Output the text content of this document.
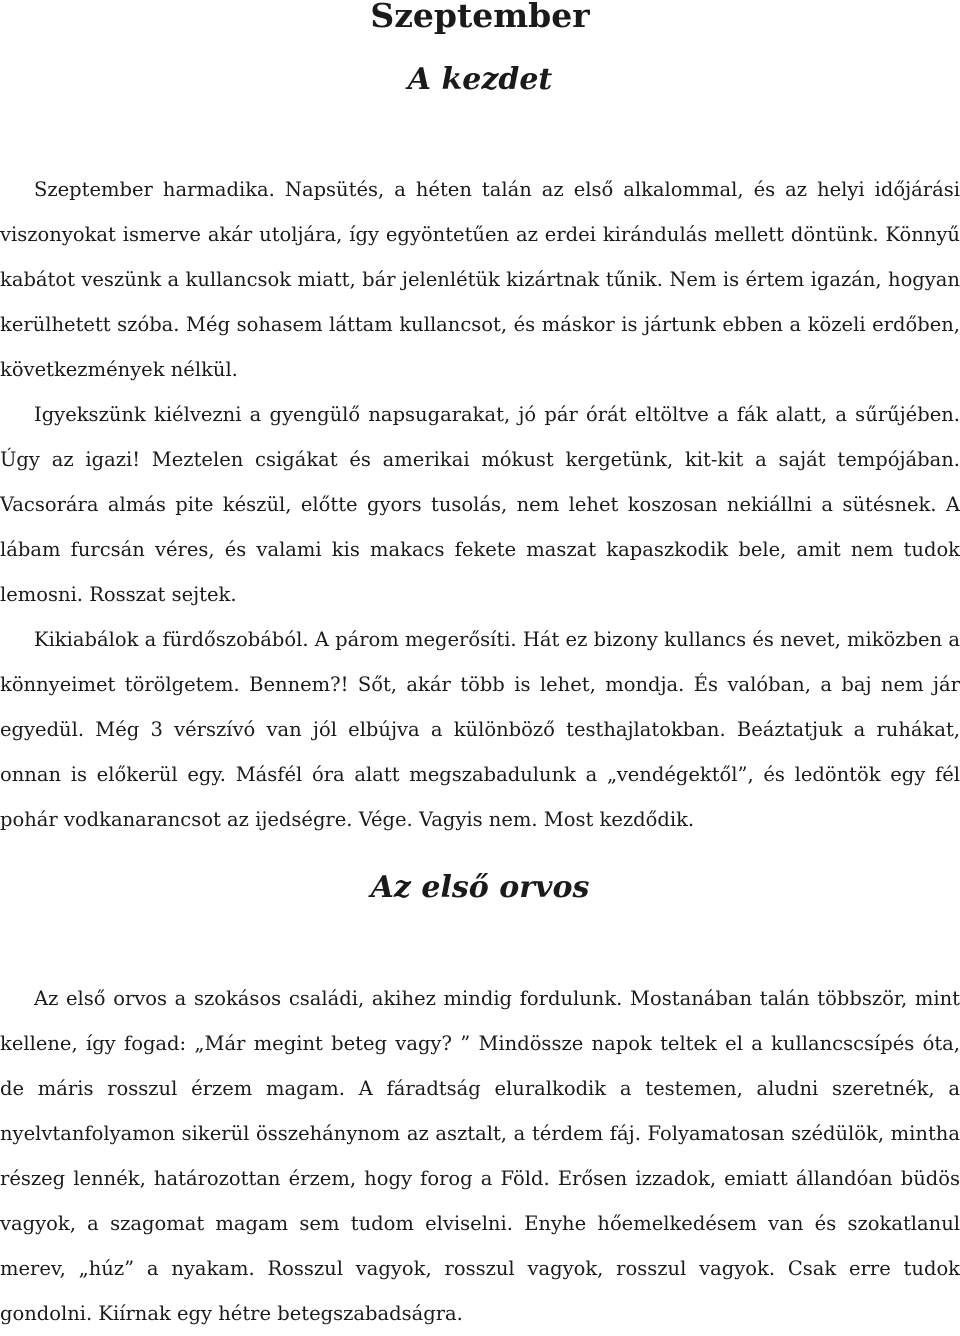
Szeptember
A kezdet

Szeptember harmadika. Napsütés, a héten talán az első alkalommal, és az helyi időjárási viszonyokat ismerve akár utoljára, így egyöntetűen az erdei kirándulás mellett döntünk. Könnyű kabátot veszünk a kullancsok miatt, bár jelenlétük kizártnak tűnik. Nem is értem igazán, hogyan kerülhetett szóba. Még sohasem láttam kullancsot, és máskor is jártunk ebben a közeli erdőben, következmények nélkül.

Igyekszünk kiélvezni a gyengülő napsugarakat, jó pár órát eltöltve a fák alatt, a sűrűjében. Úgy az igazi! Meztelen csigákat és amerikai mókust kergetünk, kit-kit a saját tempójában. Vacsorára almás pite készül, előtte gyors tusolás, nem lehet koszosan nekiállni a sütésnek. A lábam furcsán véres, és valami kis makacs fekete maszat kapaszkodik bele, amit nem tudok lemosni. Rosszat sejtek.

Kikiabálok a fürdőszobából. A párom megerősíti. Hát ez bizony kullancs és nevet, miközben a könnyeimet törölgetem. Bennem?! Sőt, akár több is lehet, mondja. És valóban, a baj nem jár egyedül. Még 3 vérszívó van jól elbújva a különböző testhajlatokban. Beáztatjuk a ruhákat, onnan is előkerül egy. Másfél óra alatt megszabadulunk a „vendégektől”, és ledöntök egy fél pohár vodkanarancsot az ijedségre. Vége. Vagyis nem. Most kezdődik.

Az első orvos

Az első orvos a szokásos családi, akihez mindig fordulunk. Mostanában talán többször, mint kellene, így fogad: „Már megint beteg vagy? ” Mindössze napok teltek el a kullancscsípés óta, de máris rosszul érzem magam. A fáradtság eluralkodik a testemen, aludni szeretnék, a nyelvtanfolyamon sikerül összehánynom az asztalt, a térdem fáj. Folyamatosan szédülök, mintha részeg lennék, határozottan érzem, hogy forog a Föld. Erősen izzadok, emiatt állandóan büdös vagyok, a szagomat magam sem tudom elviselni. Enyhe hőemelkedésem van és szokatlanul merev, „húz” a nyakam. Rosszul vagyok, rosszul vagyok, rosszul vagyok. Csak erre tudok gondolni. Kiírnak egy hétre betegszabadságra.
